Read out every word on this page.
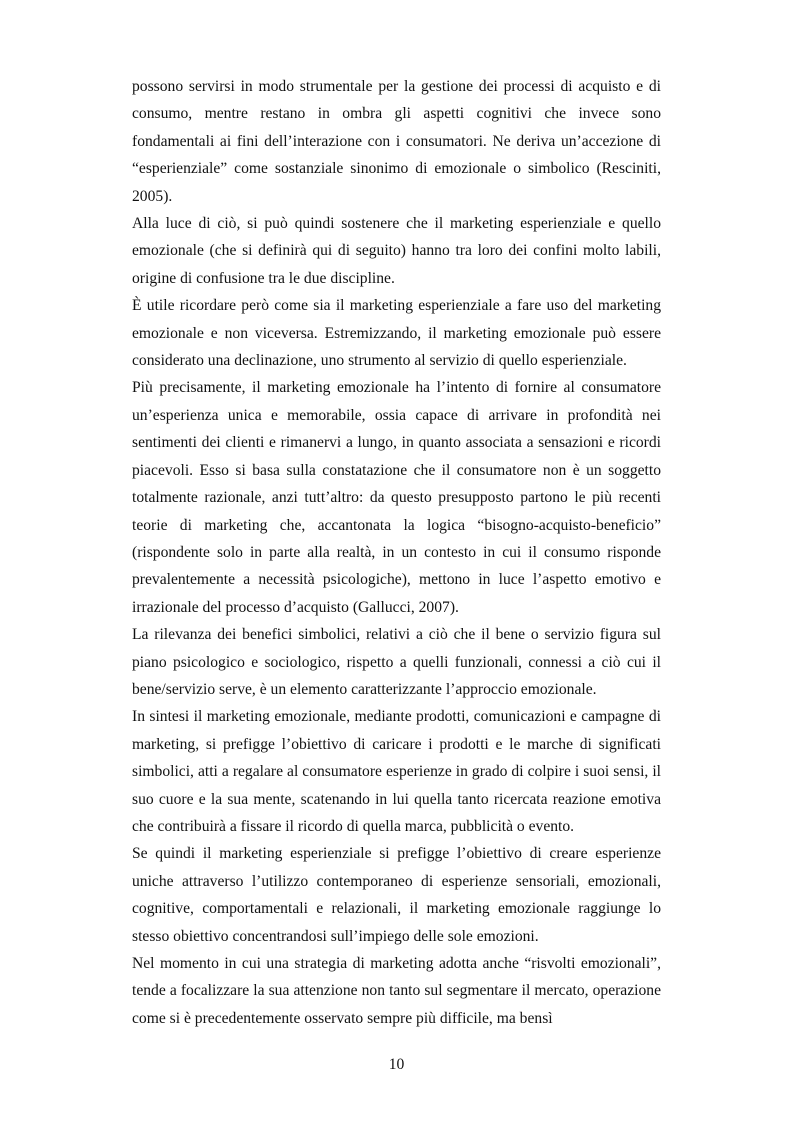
possono servirsi in modo strumentale per la gestione dei processi di acquisto e di consumo, mentre restano in ombra gli aspetti cognitivi che invece sono fondamentali ai fini dell’interazione con i consumatori. Ne deriva un’accezione di “esperienziale” come sostanziale sinonimo di emozionale o simbolico (Resciniti, 2005).

Alla luce di ciò, si può quindi sostenere che il marketing esperienziale e quello emozionale (che si definirà qui di seguito) hanno tra loro dei confini molto labili, origine di confusione tra le due discipline.

È utile ricordare però come sia il marketing esperienziale a fare uso del marketing emozionale e non viceversa. Estremizzando, il marketing emozionale può essere considerato una declinazione, uno strumento al servizio di quello esperienziale.

Più precisamente, il marketing emozionale ha l’intento di fornire al consumatore un’esperienza unica e memorabile, ossia capace di arrivare in profondità nei sentimenti dei clienti e rimanervi a lungo, in quanto associata a sensazioni e ricordi piacevoli. Esso si basa sulla constatazione che il consumatore non è un soggetto totalmente razionale, anzi tutt’altro: da questo presupposto partono le più recenti teorie di marketing che, accantonata la logica “bisogno-acquisto-beneficio” (rispondente solo in parte alla realtà, in un contesto in cui il consumo risponde prevalentemente a necessità psicologiche), mettono in luce l’aspetto emotivo e irrazionale del processo d’acquisto (Gallucci, 2007).

La rilevanza dei benefici simbolici, relativi a ciò che il bene o servizio figura sul piano psicologico e sociologico, rispetto a quelli funzionali, connessi a ciò cui il bene/servizio serve, è un elemento caratterizzante l’approccio emozionale.

In sintesi il marketing emozionale, mediante prodotti, comunicazioni e campagne di marketing, si prefigge l’obiettivo di caricare i prodotti e le marche di significati simbolici, atti a regalare al consumatore esperienze in grado di colpire i suoi sensi, il suo cuore e la sua mente, scatenando in lui quella tanto ricercata reazione emotiva che contribuirà a fissare il ricordo di quella marca, pubblicità o evento.

Se quindi il marketing esperienziale si prefigge l’obiettivo di creare esperienze uniche attraverso l’utilizzo contemporaneo di esperienze sensoriali, emozionali, cognitive, comportamentali e relazionali, il marketing emozionale raggiunge lo stesso obiettivo concentrandosi sull’impiego delle sole emozioni.

Nel momento in cui una strategia di marketing adotta anche “risvolti emozionali”, tende a focalizzare la sua attenzione non tanto sul segmentare il mercato, operazione come si è precedentemente osservato sempre più difficile, ma bensì

10
